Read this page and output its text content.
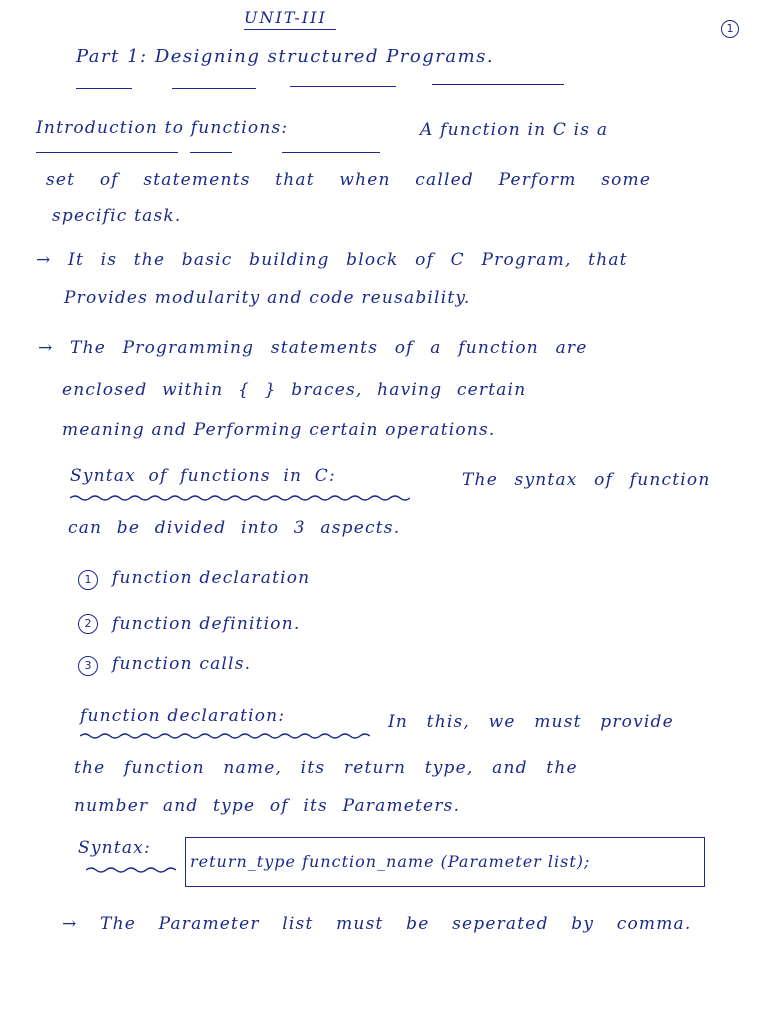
UNIT-III
1
Part 1: Designing structured Programs.
Introduction to functions:	A function in C is a
set of statements that when called Perform some
specific task.
→ It is the basic building block of C Program, that
Provides modularity and code reusability.
→ The Programming statements of a function are
enclosed within { } braces, having certain
meaning and Performing certain operations.
Syntax of functions in C:	The syntax of function
can be divided into 3 aspects.
1	function declaration
2	function definition.
3	function calls.
function declaration:	In this, we must provide
the function name, its return type, and the
number and type of its Parameters.
Syntax:
return_type function_name (Parameter list);
→ The Parameter list must be seperated by comma.
